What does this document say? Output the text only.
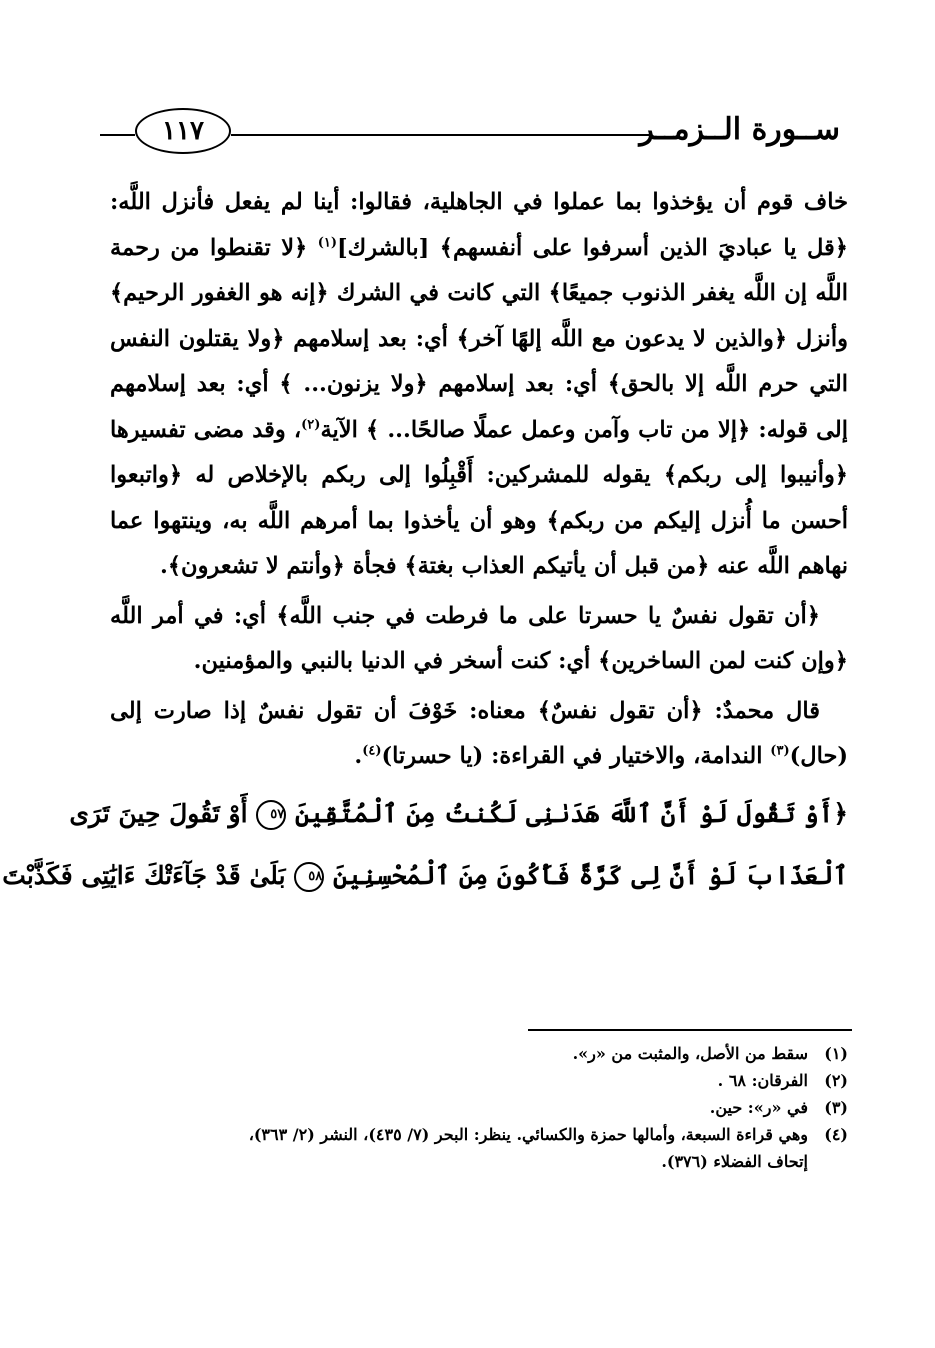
١١٧	ســورة الــزمــر

خاف قوم أن يؤخذوا بما عملوا في الجاهلية، فقالوا: أينا لم يفعل فأنزل اللَّه: ﴿قل يا عباديَ الذين أسرفوا على أنفسهم﴾ [بالشرك]$^{(١)}$ ﴿لا تقنطوا من رحمة اللَّه إن اللَّه يغفر الذنوب جميعًا﴾ التي كانت في الشرك ﴿إنه هو الغفور الرحيم﴾ وأنزل ﴿والذين لا يدعون مع اللَّه إلهًا آخر﴾ أي: بعد إسلامهم ﴿ولا يقتلون النفس التي حرم اللَّه إلا بالحق﴾ أي: بعد إسلامهم ﴿ولا يزنون... ﴾ أي: بعد إسلامهم إلى قوله: ﴿إلا من تاب وآمن وعمل عملًا صالحًا... ﴾ الآية$^{(٢)}$، وقد مضى تفسيرها ﴿وأنيبوا إلى ربكم﴾ يقوله للمشركين: أَقْبِلُوا إلى ربكم بالإخلاص له ﴿واتبعوا أحسن ما أُنزل إليكم من ربكم﴾ وهو أن يأخذوا بما أمرهم اللَّه به، وينتهوا عما نهاهم اللَّه عنه ﴿من قبل أن يأتيكم العذاب بغتة﴾ فجأة ﴿وأنتم لا تشعرون﴾.

﴿أن تقول نفسٌ يا حسرتا على ما فرطت في جنب اللَّه﴾ أي: في أمر اللَّه ﴿وإن كنت لمن الساخرين﴾ أي: كنت أسخر في الدنيا بالنبي والمؤمنين.

قال محمدٌ: ﴿أن تقول نفسٌ﴾ معناه: خَوْفَ أن تقول نفسٌ إذا صارت إلى (حال)$^{(٣)}$ الندامة، والاختيار في القراءة: (يا حسرتا)$^{(٤)}$.

﴿أَوْ تَقُولَ لَوْ أَنَّ ٱللَّهَ هَدَىٰنِى لَكُنتُ مِنَ ٱلْمُتَّقِينَ ٥٧ أَوْ تَقُولَ حِينَ تَرَى

ٱلْعَذَابَ لَوْ أَنَّ لِى كَرَّةً فَأَكُونَ مِنَ ٱلْمُحْسِنِينَ ٥٨ بَلَىٰ قَدْ جَآءَتْكَ ءَايَٰتِى فَكَذَّبْتَ

(١)
سقط من الأصل، والمثبت من «ر».

(٢)
الفرقان: ٦٨ .

(٣)
في «ر»: حين.

(٤)
وهي قراءة السبعة، وأمالها حمزة والكسائي. ينظر: البحر (٧/ ٤٣٥)، النشر (٢/ ٣٦٣)،

إتحاف الفضلاء (٣٧٦).
